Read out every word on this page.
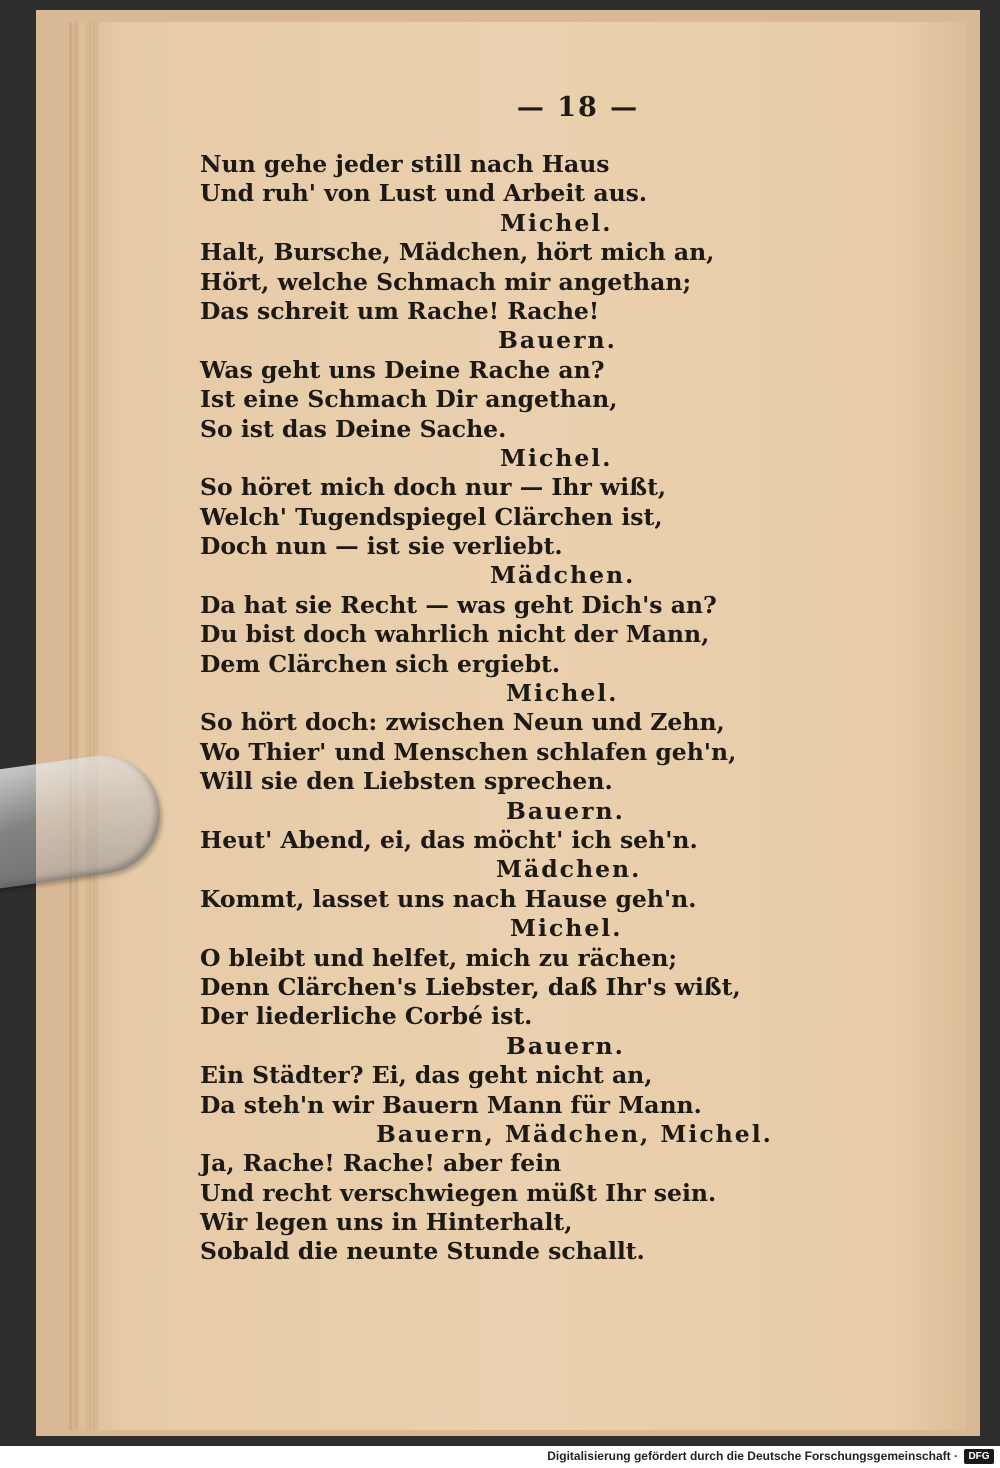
— 18 —
Nun gehe jeder still nach Haus
Und ruh' von Lust und Arbeit aus.
Michel.
Halt, Bursche, Mädchen, hört mich an,
Hört, welche Schmach mir angethan;
Das schreit um Rache! Rache!
Bauern.
Was geht uns Deine Rache an?
Ist eine Schmach Dir angethan,
So ist das Deine Sache.
Michel.
So höret mich doch nur — Ihr wißt,
Welch' Tugendspiegel Clärchen ist,
Doch nun — ist sie verliebt.
Mädchen.
Da hat sie Recht — was geht Dich's an?
Du bist doch wahrlich nicht der Mann,
Dem Clärchen sich ergiebt.
Michel.
So hört doch: zwischen Neun und Zehn,
Wo Thier' und Menschen schlafen geh'n,
Will sie den Liebsten sprechen.
Bauern.
Heut' Abend, ei, das möcht' ich seh'n.
Mädchen.
Kommt, lasset uns nach Hause geh'n.
Michel.
O bleibt und helfet, mich zu rächen;
Denn Clärchen's Liebster, daß Ihr's wißt,
Der liederliche Corbé ist.
Bauern.
Ein Städter? Ei, das geht nicht an,
Da steh'n wir Bauern Mann für Mann.
Bauern, Mädchen, Michel.
Ja, Rache! Rache! aber fein
Und recht verschwiegen müßt Ihr sein.
Wir legen uns in Hinterhalt,
Sobald die neunte Stunde schallt.
Digitalisierung gefördert durch die Deutsche Forschungsgemeinschaft ·	DFG
